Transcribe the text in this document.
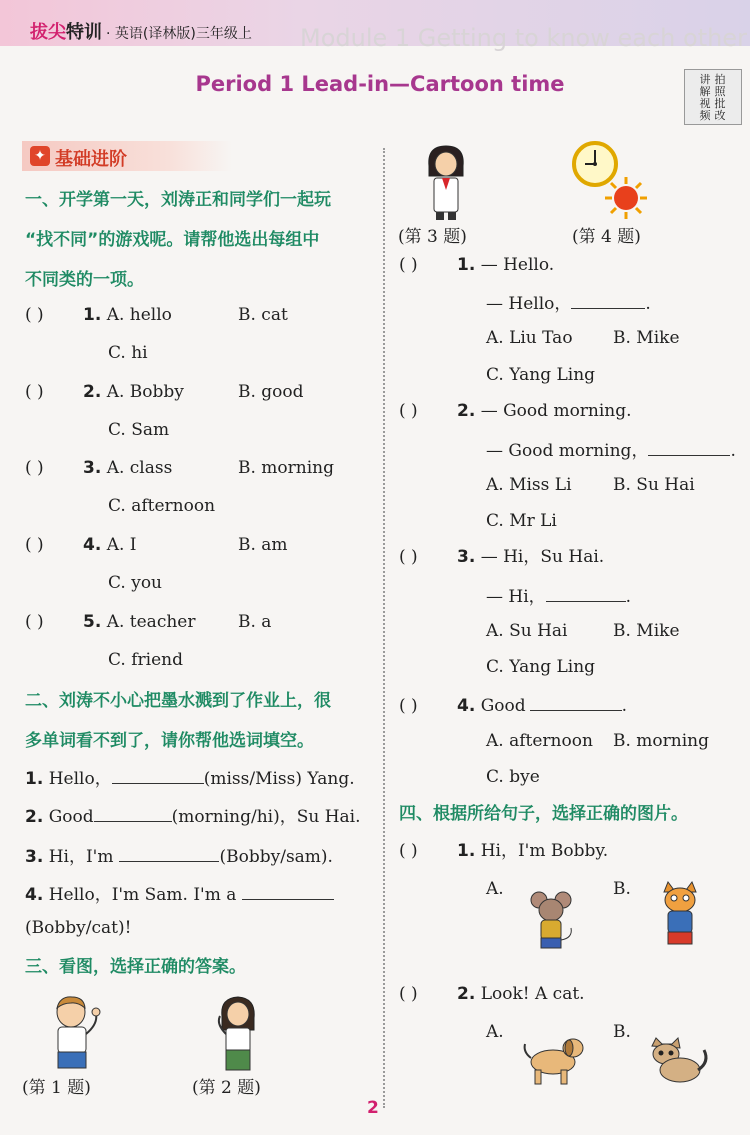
Module 1 Getting to know each other
拔尖特训 · 英语(译林版)三年级上
Period 1 Lead-in—Cartoon time	拍照批改
讲解视频
✦ 基础进阶
一、开学第一天，刘涛正和同学们一起玩
“找不同”的游戏呢。请帮他选出每组中
不同类的一项。
( ) 1. A. hello	B. cat
C. hi
( ) 2. A. Bobby	B. good
C. Sam
( ) 3. A. class	B. morning
C. afternoon
( ) 4. A. I	B. am
C. you
( ) 5. A. teacher	B. a
C. friend
二、刘涛不小心把墨水溅到了作业上，很
多单词看不到了，请你帮他选词填空。
1. Hello，	(miss/Miss) Yang.
2. Good	(morning/hi)，Su Hai.
3. Hi，I'm	(Bobby/sam).
4. Hello，I'm Sam. I'm a
(Bobby/cat)!
三、看图，选择正确的答案。
(第 1 题)	(第 2 题)
(第 3 题)	(第 4 题)
( ) 1. — Hello.
— Hello，	.
A. Liu Tao B. Mike
C. Yang Ling
( ) 2. — Good morning.
— Good morning，	.
A. Miss Li B. Su Hai
C. Mr Li
( ) 3. — Hi，Su Hai.
— Hi，	.
A. Su Hai	B. Mike
C. Yang Ling
( ) 4. Good	.
A. afternoon B. morning
C. bye
四、根据所给句子，选择正确的图片。
( ) 1. Hi，I'm Bobby.
A.	B.
( ) 2. Look! A cat.
A.	B.
2
